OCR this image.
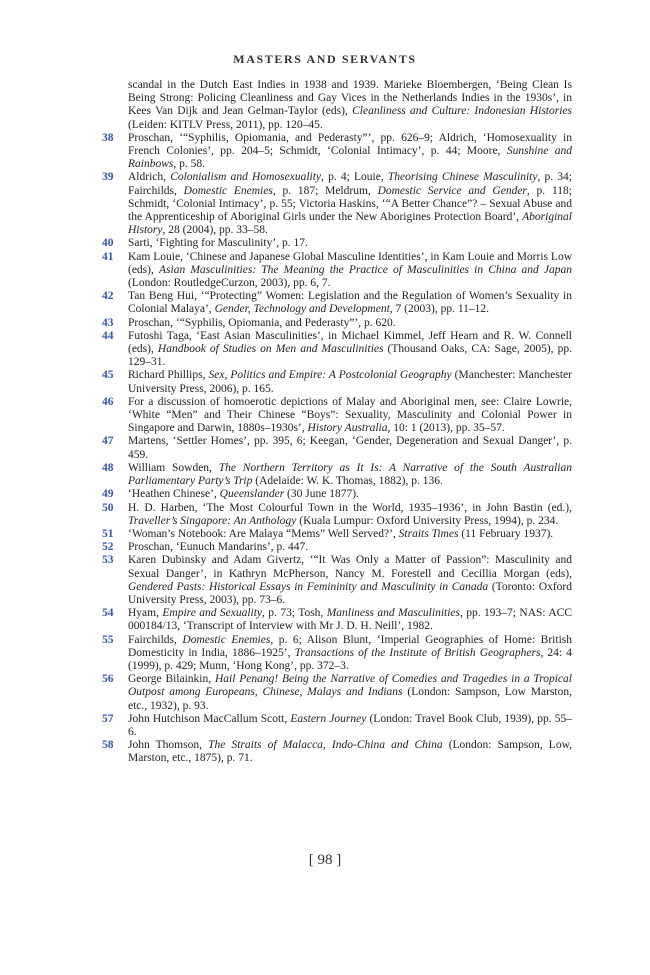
MASTERS AND SERVANTS
scandal in the Dutch East Indies in 1938 and 1939. Marieke Bloembergen, ‘Being Clean Is Being Strong: Policing Cleanliness and Gay Vices in the Netherlands Indies in the 1930s’, in Kees Van Dijk and Jean Gelman-Taylor (eds), Cleanliness and Culture: Indonesian Histories (Leiden: KITLV Press, 2011), pp. 120–45.
38	Proschan, ‘“Syphilis, Opiomania, and Pederasty”’, pp. 626–9; Aldrich, ‘Homosexuality in French Colonies’, pp. 204–5; Schmidt, ‘Colonial Intimacy’, p. 44; Moore, Sunshine and Rainbows, p. 58.
39	Aldrich, Colonialism and Homosexuality, p. 4; Louie, Theorising Chinese Masculinity, p. 34; Fairchilds, Domestic Enemies, p. 187; Meldrum, Domestic Service and Gender, p. 118; Schmidt, ‘Colonial Intimacy’, p. 55; Victoria Haskins, ‘“A Better Chance”? – Sexual Abuse and the Apprenticeship of Aboriginal Girls under the New Aborigines Protection Board’, Aboriginal History, 28 (2004), pp. 33–58.
40	Sarti, ‘Fighting for Masculinity’, p. 17.
41	Kam Louie, ‘Chinese and Japanese Global Masculine Identities’, in Kam Louie and Morris Low (eds), Asian Masculinities: The Meaning the Practice of Masculinities in China and Japan (London: RoutledgeCurzon, 2003), pp. 6, 7.
42	Tan Beng Hui, ‘“Protecting” Women: Legislation and the Regulation of Women’s Sexuality in Colonial Malaya’, Gender, Technology and Development, 7 (2003), pp. 11–12.
43	Proschan, ‘“Syphilis, Opiomania, and Pederasty”’, p. 620.
44	Futoshi Taga, ‘East Asian Masculinities’, in Michael Kimmel, Jeff Hearn and R. W. Connell (eds), Handbook of Studies on Men and Masculinities (Thousand Oaks, CA: Sage, 2005), pp. 129–31.
45	Richard Phillips, Sex, Politics and Empire: A Postcolonial Geography (Manchester: Manchester University Press, 2006), p. 165.
46	For a discussion of homoerotic depictions of Malay and Aboriginal men, see: Claire Lowrie, ‘White “Men” and Their Chinese “Boys”: Sexuality, Masculinity and Colonial Power in Singapore and Darwin, 1880s–1930s’, History Australia, 10: 1 (2013), pp. 35–57.
47	Martens, ‘Settler Homes’, pp. 395, 6; Keegan, ‘Gender, Degeneration and Sexual Danger’, p. 459.
48	William Sowden, The Northern Territory as It Is: A Narrative of the South Australian Parliamentary Party’s Trip (Adelaide: W. K. Thomas, 1882), p. 136.
49	‘Heathen Chinese’, Queenslander (30 June 1877).
50	H. D. Harben, ‘The Most Colourful Town in the World, 1935–1936’, in John Bastin (ed.), Traveller’s Singapore: An Anthology (Kuala Lumpur: Oxford University Press, 1994), p. 234.
51	‘Woman’s Notebook: Are Malaya “Mems” Well Served?’, Straits Times (11 February 1937).
52	Proschan, ‘Eunuch Mandarins’, p. 447.
53	Karen Dubinsky and Adam Givertz, ‘“It Was Only a Matter of Passion”: Masculinity and Sexual Danger’, in Kathryn McPherson, Nancy M. Forestell and Cecillia Morgan (eds), Gendered Pasts: Historical Essays in Femininity and Masculinity in Canada (Toronto: Oxford University Press, 2003), pp. 73–6.
54	Hyam, Empire and Sexuality, p. 73; Tosh, Manliness and Masculinities, pp. 193–7; NAS: ACC 000184/13, ‘Transcript of Interview with Mr J. D. H. Neill’, 1982.
55	Fairchilds, Domestic Enemies, p. 6; Alison Blunt, ‘Imperial Geographies of Home: British Domesticity in India, 1886–1925’, Transactions of the Institute of British Geographers, 24: 4 (1999), p. 429; Munn, ‘Hong Kong’, pp. 372–3.
56	George Bilainkin, Hail Penang! Being the Narrative of Comedies and Tragedies in a Tropical Outpost among Europeans, Chinese, Malays and Indians (London: Sampson, Low Marston, etc., 1932), p. 93.
57	John Hutchison MacCallum Scott, Eastern Journey (London: Travel Book Club, 1939), pp. 55–6.
58	John Thomson, The Straits of Malacca, Indo-China and China (London: Sampson, Low, Marston, etc., 1875), p. 71.
[ 98 ]
